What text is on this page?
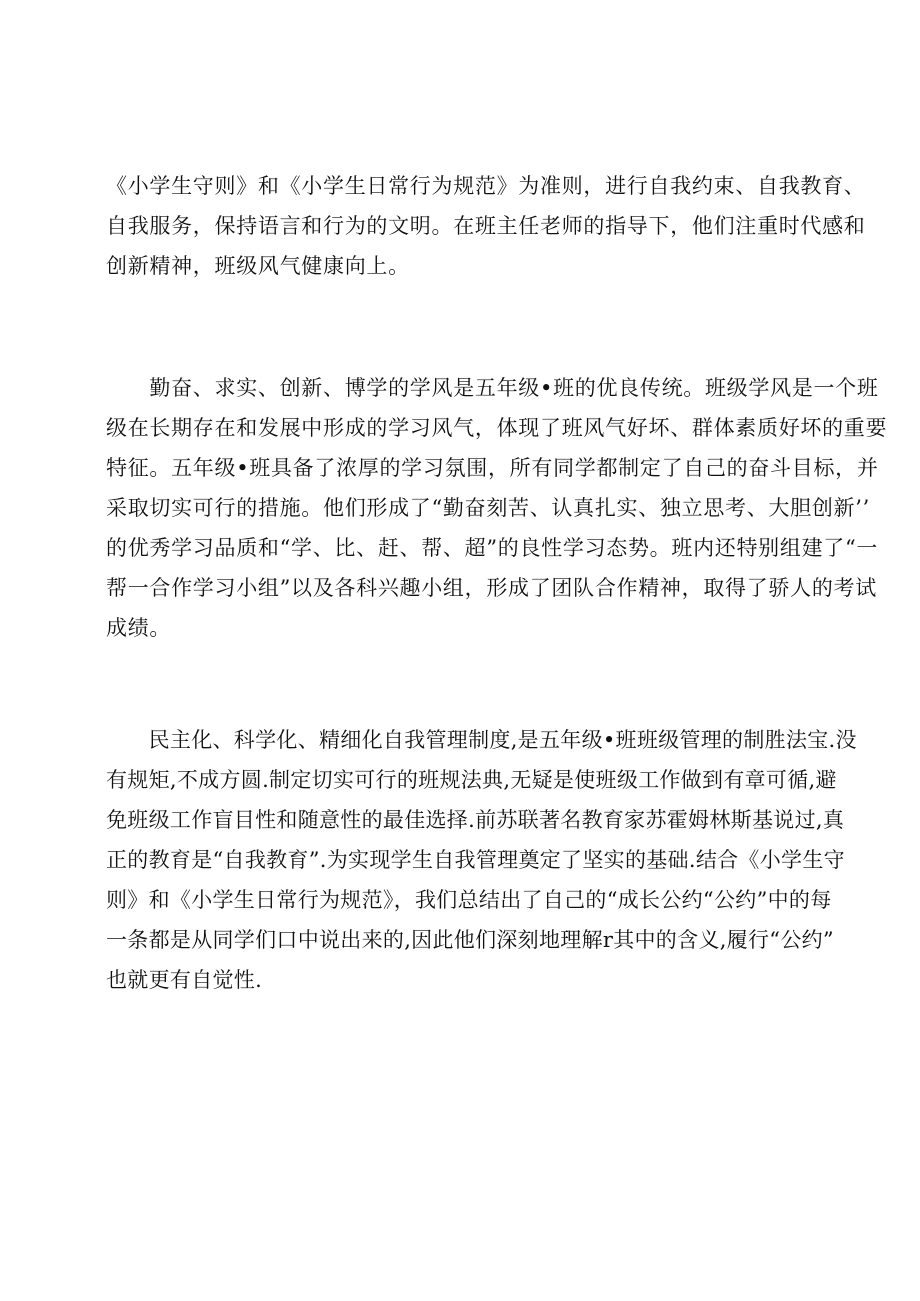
《小学生守则》和《小学生日常行为规范》为准则，进行自我约束、自我教育、
自我服务，保持语言和行为的文明。在班主任老师的指导下，他们注重时代感和
创新精神，班级风气健康向上。
　　勤奋、求实、创新、博学的学风是五年级•班的优良传统。班级学风是一个班
级在长期存在和发展中形成的学习风气，体现了班风气好坏、群体素质好坏的重要
特征。五年级•班具备了浓厚的学习氛围，所有同学都制定了自己的奋斗目标，并
采取切实可行的措施。他们形成了“勤奋刻苦、认真扎实、独立思考、大胆创新’’
的优秀学习品质和“学、比、赶、帮、超”的良性学习态势。班内还特别组建了“一
帮一合作学习小组”以及各科兴趣小组，形成了团队合作精神，取得了骄人的考试
成绩。
　　民主化、科学化、精细化自我管理制度,是五年级•班班级管理的制胜法宝.没
有规矩,不成方圆.制定切实可行的班规法典,无疑是使班级工作做到有章可循,避
免班级工作盲目性和随意性的最佳选择.前苏联著名教育家苏霍姆林斯基说过,真
正的教育是“自我教育”.为实现学生自我管理奠定了坚实的基础.结合《小学生守
则》和《小学生日常行为规范》，我们总结出了自己的“成长公约“公约”中的每
一条都是从同学们口中说出来的,因此他们深刻地理解r其中的含义,履行“公约”
也就更有自觉性.
